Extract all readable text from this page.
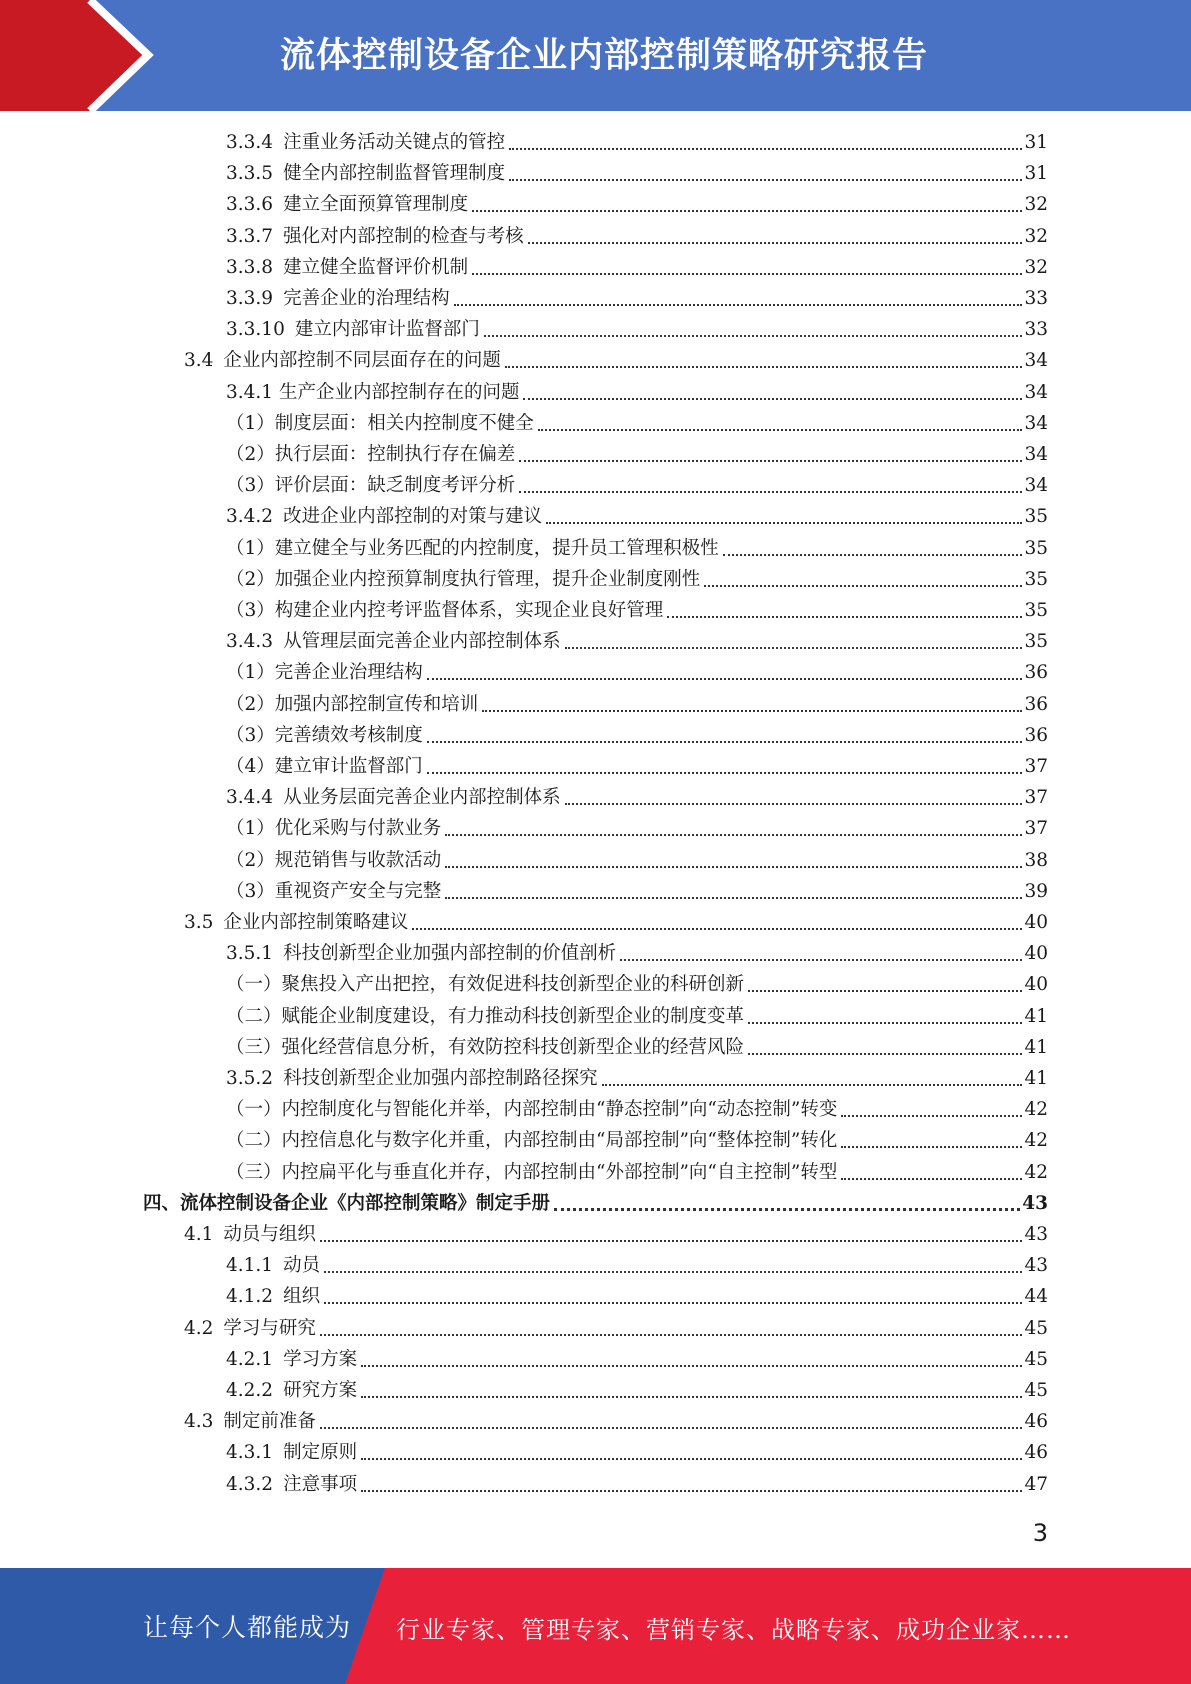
流体控制设备企业内部控制策略研究报告
3.3.4 注重业务活动关键点的管控	31
3.3.5 健全内部控制监督管理制度	31
3.3.6 建立全面预算管理制度	32
3.3.7 强化对内部控制的检查与考核	32
3.3.8 建立健全监督评价机制	32
3.3.9 完善企业的治理结构	33
3.3.10 建立内部审计监督部门	33
3.4 企业内部控制不同层面存在的问题	34
3.4.1 生产企业内部控制存在的问题	34
（1）制度层面：相关内控制度不健全	34
（2）执行层面：控制执行存在偏差	34
（3）评价层面：缺乏制度考评分析	34
3.4.2 改进企业内部控制的对策与建议	35
（1）建立健全与业务匹配的内控制度，提升员工管理积极性	35
（2）加强企业内控预算制度执行管理，提升企业制度刚性	35
（3）构建企业内控考评监督体系，实现企业良好管理	35
3.4.3 从管理层面完善企业内部控制体系	35
（1）完善企业治理结构	36
（2）加强内部控制宣传和培训	36
（3）完善绩效考核制度	36
（4）建立审计监督部门	37
3.4.4 从业务层面完善企业内部控制体系	37
（1）优化采购与付款业务	37
（2）规范销售与收款活动	38
（3）重视资产安全与完整	39
3.5 企业内部控制策略建议	40
3.5.1 科技创新型企业加强内部控制的价值剖析	40
（一）聚焦投入产出把控，有效促进科技创新型企业的科研创新	40
（二）赋能企业制度建设，有力推动科技创新型企业的制度变革	41
（三）强化经营信息分析，有效防控科技创新型企业的经营风险	41
3.5.2 科技创新型企业加强内部控制路径探究	41
（一）内控制度化与智能化并举，内部控制由“静态控制”向“动态控制”转变	42
（二）内控信息化与数字化并重，内部控制由“局部控制”向“整体控制”转化	42
（三）内控扁平化与垂直化并存，内部控制由“外部控制”向“自主控制”转型	42
四、流体控制设备企业《内部控制策略》制定手册	43
4.1 动员与组织	43
4.1.1 动员	43
4.1.2 组织	44
4.2 学习与研究	45
4.2.1 学习方案	45
4.2.2 研究方案	45
4.3 制定前准备	46
4.3.1 制定原则	46
4.3.2 注意事项	47
3
让每个人都能成为 行业专家、管理专家、营销专家、战略专家、成功企业家……
